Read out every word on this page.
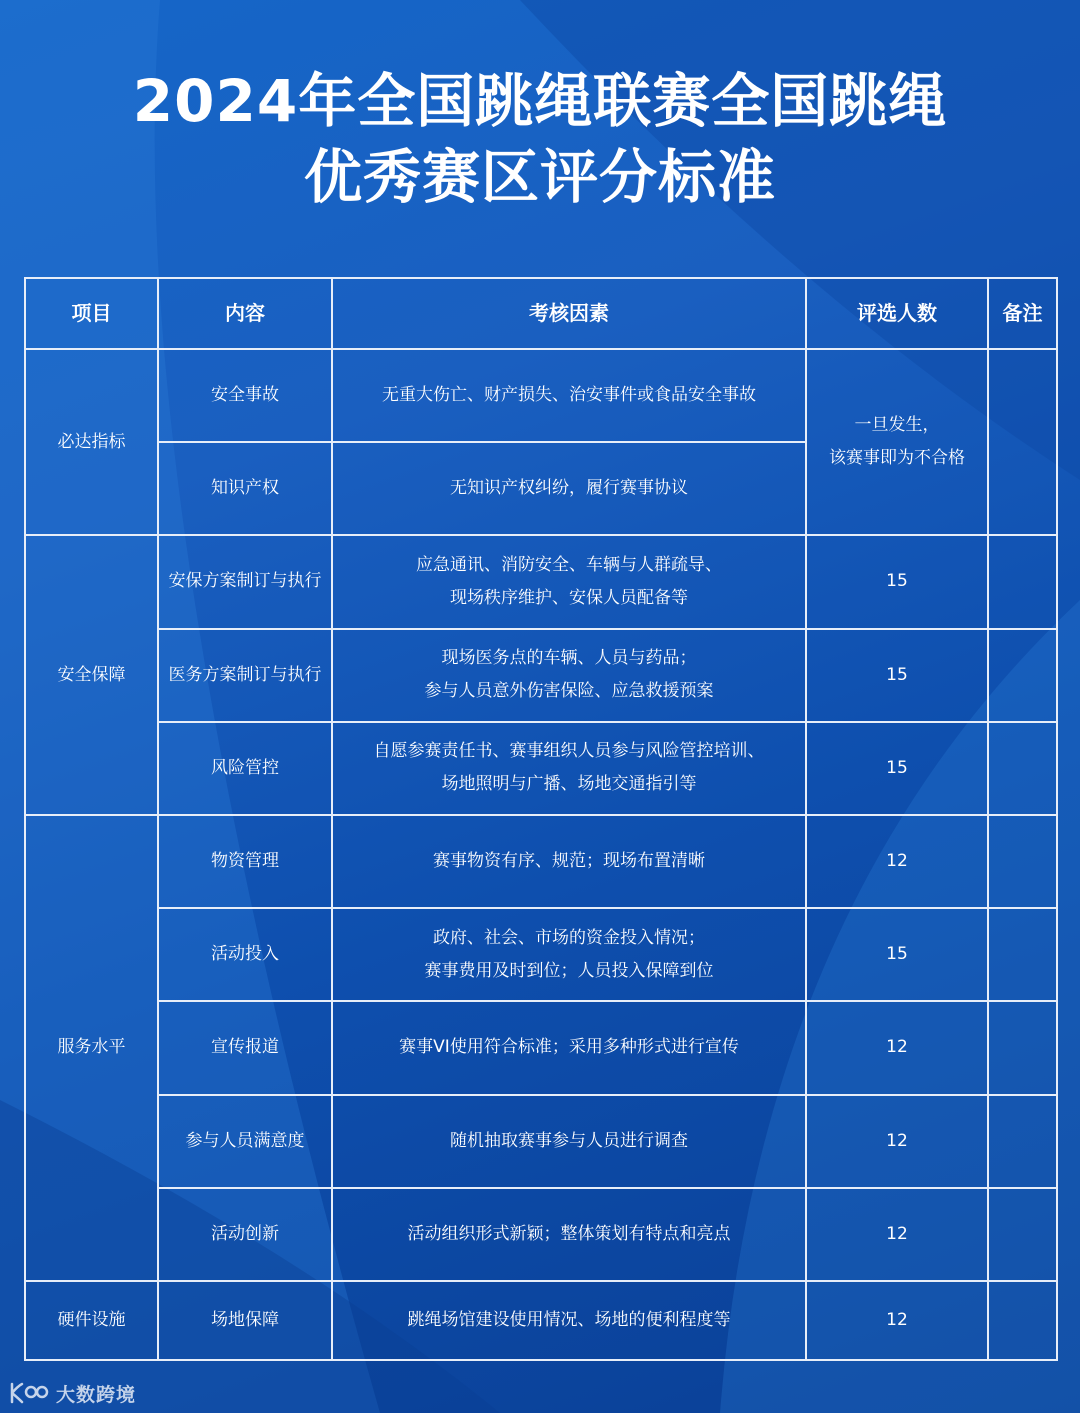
2024年全国跳绳联赛全国跳绳
优秀赛区评分标准
项目	内容	考核因素	评选人数	备注
必达指标	安全事故	无重大伤亡、财产损失、治安事件或食品安全事故	一旦发生，
该赛事即为不合格	

	知识产权	无知识产权纠纷，履行赛事协议		

安全保障	安保方案制订与执行	应急通讯、消防安全、车辆与人群疏导、
现场秩序维护、安保人员配备等	15	
	医务方案制订与执行	现场医务点的车辆、人员与药品；
参与人员意外伤害保险、应急救援预案	15	
	风险管控	自愿参赛责任书、赛事组织人员参与风险管控培训、
场地照明与广播、场地交通指引等	15	
服务水平	物资管理	赛事物资有序、规范；现场布置清晰	12	
	活动投入	政府、社会、市场的资金投入情况；
赛事费用及时到位；人员投入保障到位	15	
	宣传报道	赛事VI使用符合标准；采用多种形式进行宣传	12	
	参与人员满意度	随机抽取赛事参与人员进行调查	12	
	活动创新	活动组织形式新颖；整体策划有特点和亮点	12	
硬件设施	场地保障	跳绳场馆建设使用情况、场地的便利程度等	12	
大数跨境
